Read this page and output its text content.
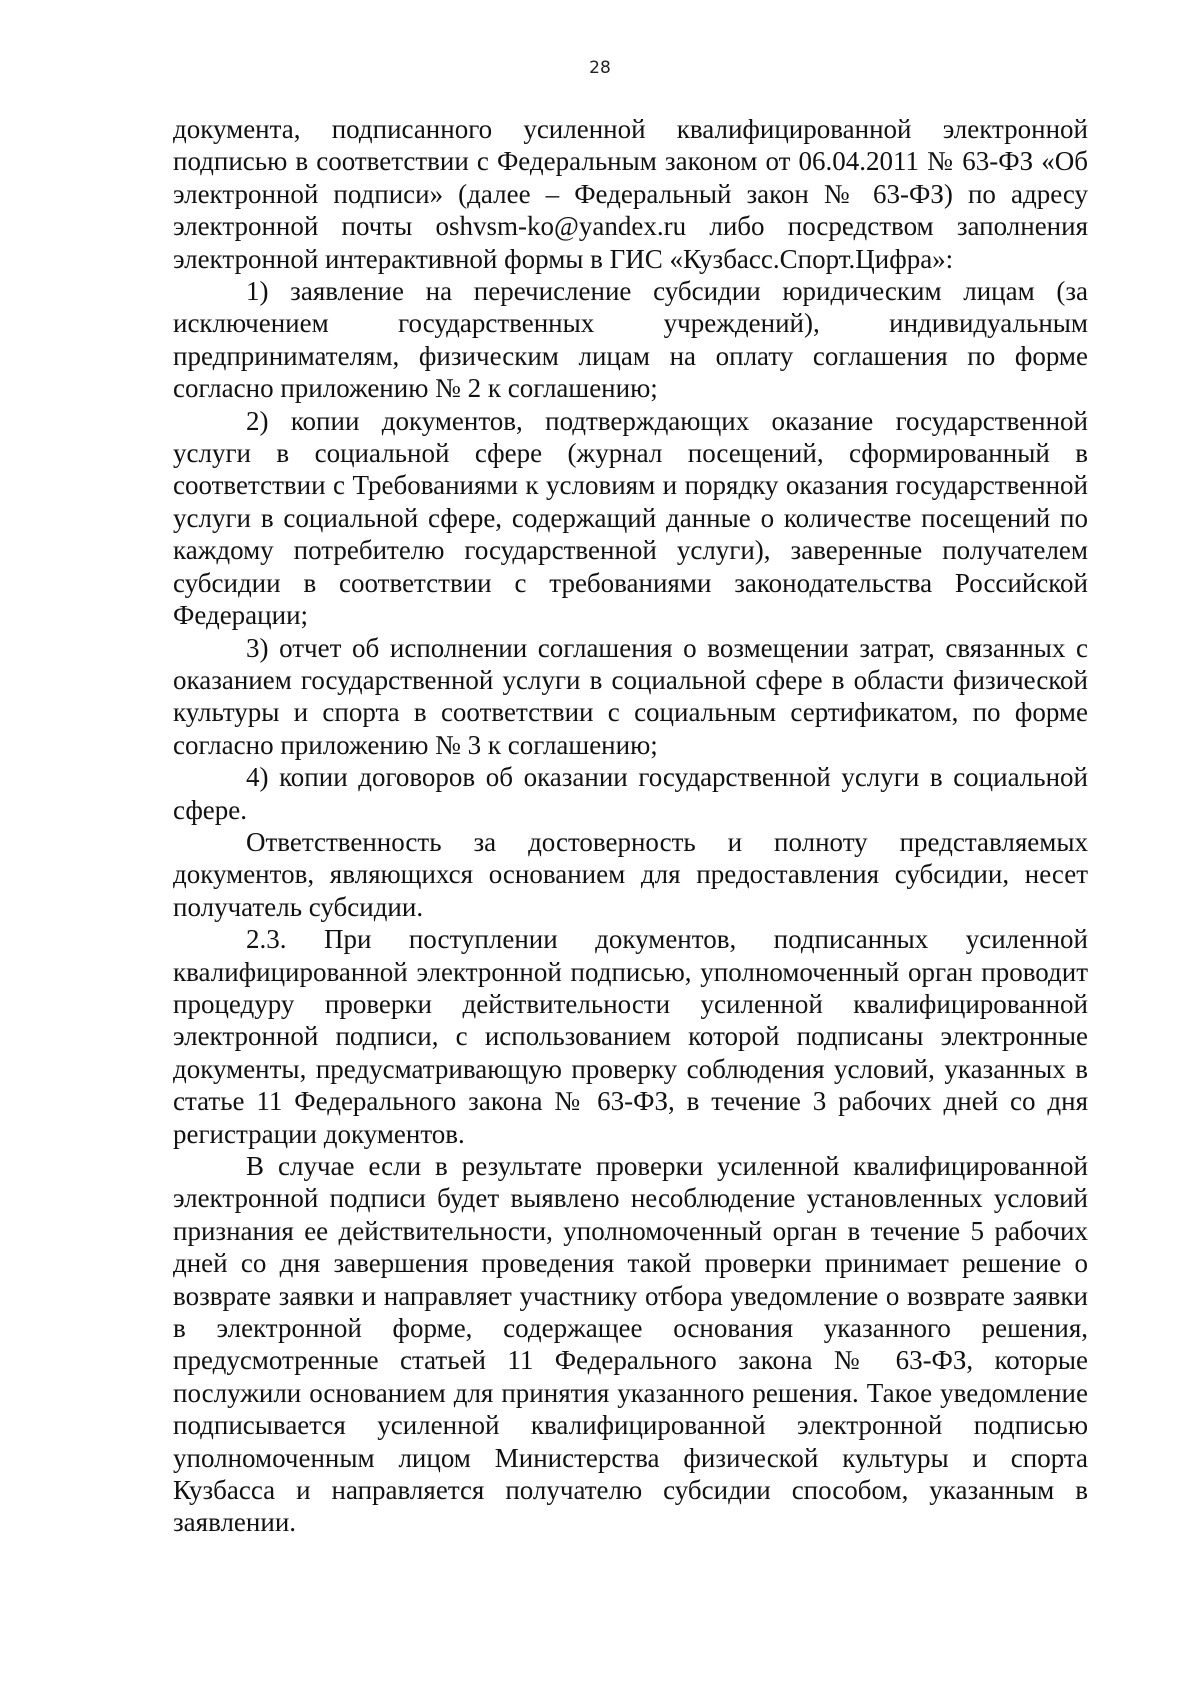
28

документа, подписанного усиленной квалифицированной электронной подписью в соответствии с Федеральным законом от 06.04.2011 № 63-ФЗ «Об электронной подписи» (далее – Федеральный закон № 63-ФЗ) по адресу электронной почты oshvsm-ko@yandex.ru либо посредством заполнения электронной интерактивной формы в ГИС «Кузбасс.Спорт.Цифра»:

1) заявление на перечисление субсидии юридическим лицам (за исключением государственных учреждений), индивидуальным предпринимателям, физическим лицам на оплату соглашения по форме согласно приложению № 2 к соглашению;

2) копии документов, подтверждающих оказание государственной услуги в социальной сфере (журнал посещений, сформированный в соответствии с Требованиями к условиям и порядку оказания государственной услуги в социальной сфере, содержащий данные о количестве посещений по каждому потребителю государственной услуги), заверенные получателем субсидии в соответствии с требованиями законодательства Российской Федерации;

3) отчет об исполнении соглашения о возмещении затрат, связанных с оказанием государственной услуги в социальной сфере в области физической культуры и спорта в соответствии с социальным сертификатом, по форме согласно приложению № 3 к соглашению;

4) копии договоров об оказании государственной услуги в социальной сфере.

Ответственность за достоверность и полноту представляемых документов, являющихся основанием для предоставления субсидии, несет получатель субсидии.

2.3. При поступлении документов, подписанных усиленной квалифицированной электронной подписью, уполномоченный орган проводит процедуру проверки действительности усиленной квалифицированной электронной подписи, с использованием которой подписаны электронные документы, предусматривающую проверку соблюдения условий, указанных в статье 11 Федерального закона № 63-ФЗ, в течение 3 рабочих дней со дня регистрации документов.

В случае если в результате проверки усиленной квалифицированной электронной подписи будет выявлено несоблюдение установленных условий признания ее действительности, уполномоченный орган в течение 5 рабочих дней со дня завершения проведения такой проверки принимает решение о возврате заявки и направляет участнику отбора уведомление о возврате заявки в электронной форме, содержащее основания указанного решения, предусмотренные статьей 11 Федерального закона № 63-ФЗ, которые послужили основанием для принятия указанного решения. Такое уведомление подписывается усиленной квалифицированной электронной подписью уполномоченным лицом Министерства физической культуры и спорта Кузбасса и направляется получателю субсидии способом, указанным в заявлении.
